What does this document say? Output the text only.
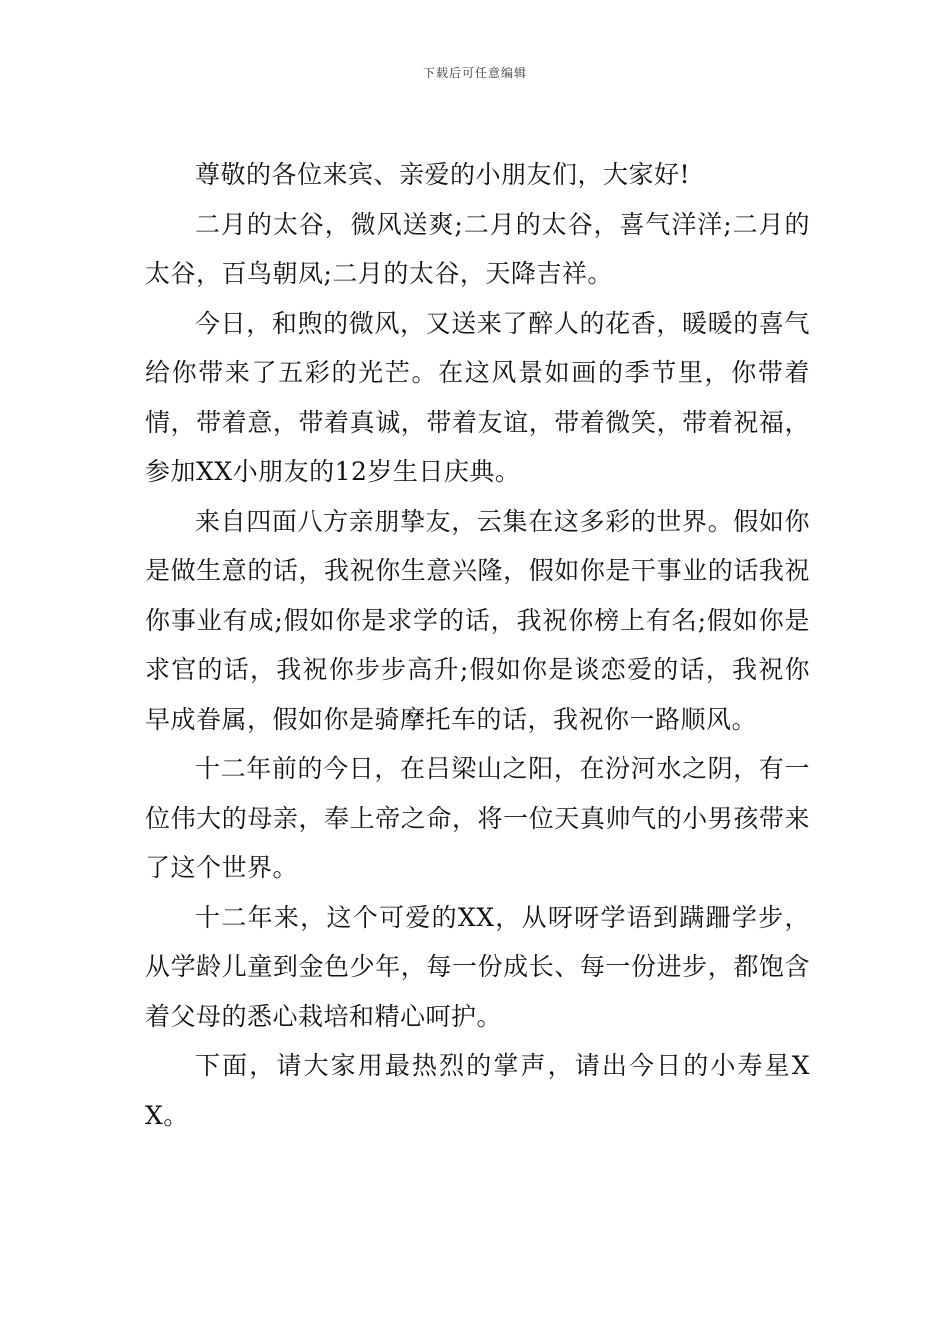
下载后可任意编辑

尊敬的各位来宾、亲爱的小朋友们，大家好!

二月的太谷，微风送爽;二月的太谷，喜气洋洋;二月的太谷，百鸟朝凤;二月的太谷，天降吉祥。

今日，和煦的微风，又送来了醉人的花香，暖暖的喜气给你带来了五彩的光芒。在这风景如画的季节里，你带着情，带着意，带着真诚，带着友谊，带着微笑，带着祝福，参加XX小朋友的12岁生日庆典。

来自四面八方亲朋挚友，云集在这多彩的世界。假如你是做生意的话，我祝你生意兴隆，假如你是干事业的话我祝你事业有成;假如你是求学的话，我祝你榜上有名;假如你是求官的话，我祝你步步高升;假如你是谈恋爱的话，我祝你早成眷属，假如你是骑摩托车的话，我祝你一路顺风。

十二年前的今日，在吕梁山之阳，在汾河水之阴，有一位伟大的母亲，奉上帝之命，将一位天真帅气的小男孩带来了这个世界。

十二年来，这个可爱的XX，从呀呀学语到蹒跚学步，从学龄儿童到金色少年，每一份成长、每一份进步，都饱含着父母的悉心栽培和精心呵护。

下面，请大家用最热烈的掌声，请出今日的小寿星XX。
